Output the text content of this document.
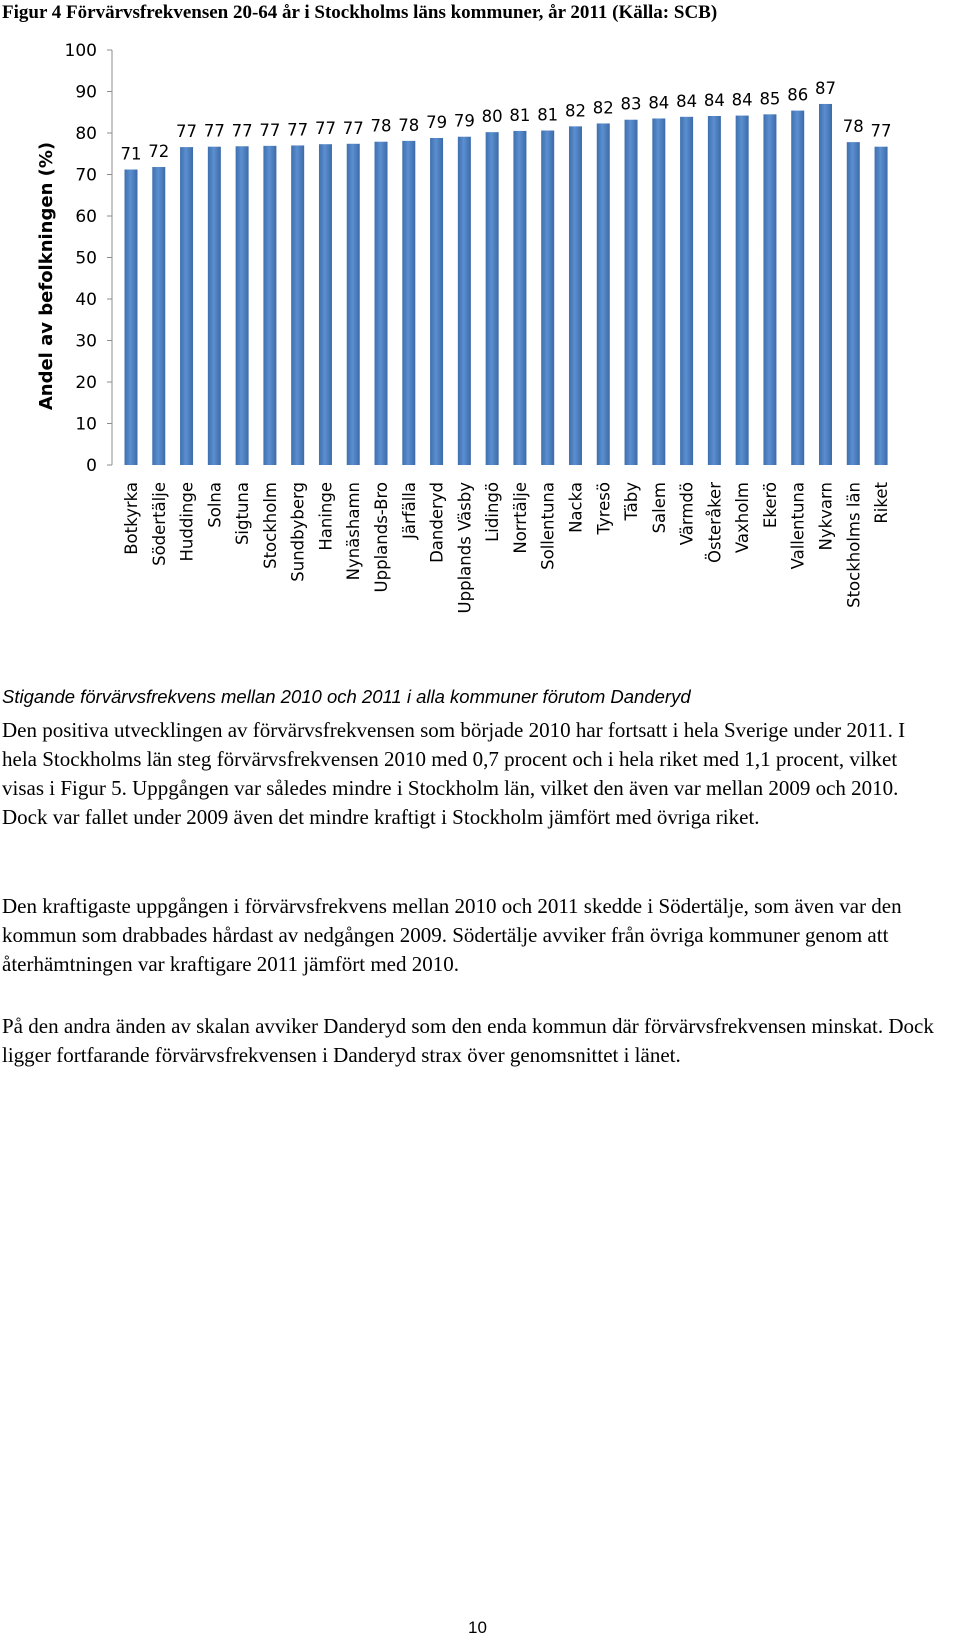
Figur 4 Förvärvsfrekvensen 20-64 år i Stockholms läns kommuner, år 2011 (Källa: SCB)
Andel av befolkningen (%)
0
10
20
30
40
50
60
70
80
90
100
71 72
77 77 77 77 77 77 77 78 78 79 79 80 81 81 82 82 83 84 84 84 84 85 86 87
78 77
Botkyrka Södertälje Huddinge Solna Sigtuna Stockholm Sundbyberg Haninge Nynäshamn Upplands-Bro Järfälla Danderyd Upplands Väsby Lidingö Norrtälje Sollentuna Nacka Tyresö Täby Salem Värmdö Österåker Vaxholm Ekerö Vallentuna Nykvarn Stockholms län Riket
Stigande förvärvsfrekvens mellan 2010 och 2011 i alla kommuner förutom Danderyd

Den positiva utvecklingen av förvärvsfrekvensen som började 2010 har fortsatt i hela Sverige under 2011. I hela Stockholms län steg förvärvsfrekvensen 2010 med 0,7 procent och i hela riket med 1,1 procent, vilket visas i Figur 5. Uppgången var således mindre i Stockholm län, vilket den även var mellan 2009 och 2010. Dock var fallet under 2009 även det mindre kraftigt i Stockholm jämfört med övriga riket.

Den kraftigaste uppgången i förvärvsfrekvens mellan 2010 och 2011 skedde i Södertälje, som även var den kommun som drabbades hårdast av nedgången 2009. Södertälje avviker från övriga kommuner genom att återhämtningen var kraftigare 2011 jämfört med 2010.

På den andra änden av skalan avviker Danderyd som den enda kommun där förvärvsfrekvensen minskat. Dock ligger fortfarande förvärvsfrekvensen i Danderyd strax över genomsnittet i länet.

10
